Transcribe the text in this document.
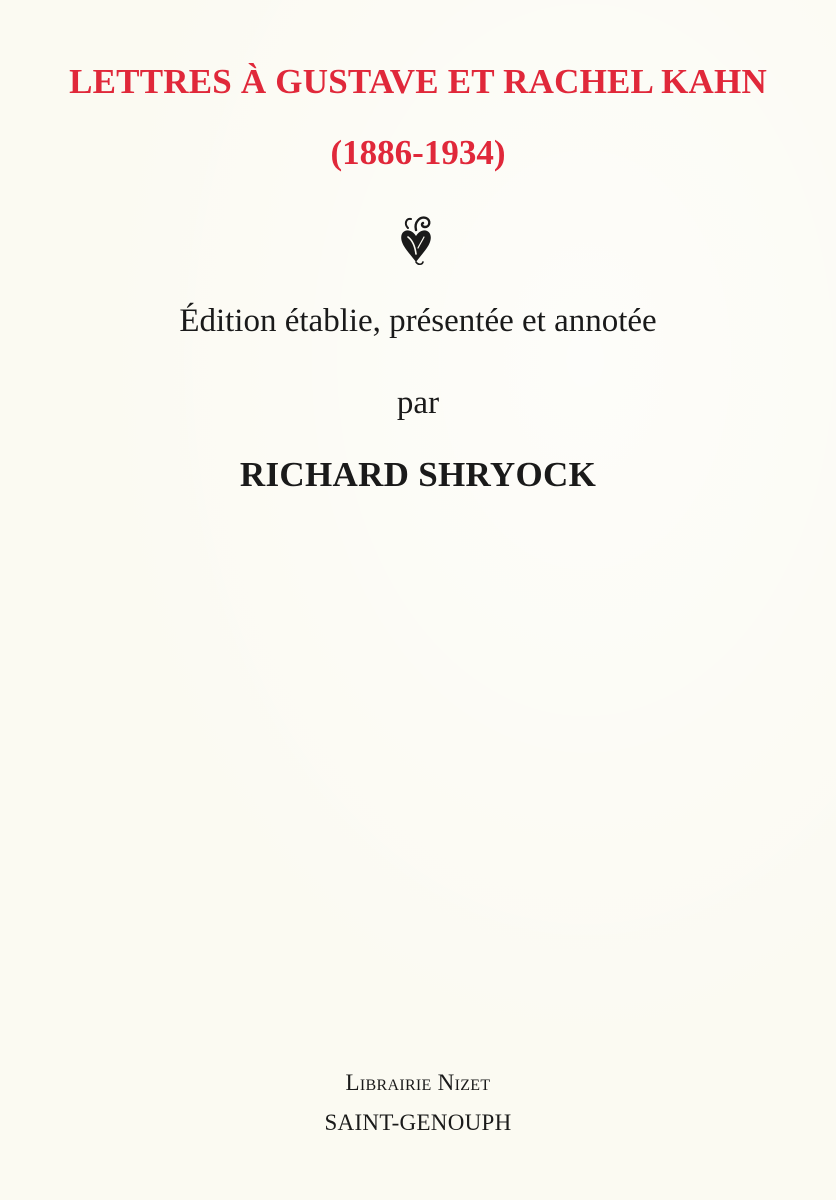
LETTRES À GUSTAVE ET RACHEL KAHN
(1886-1934)
Édition établie, présentée et annotée
par
RICHARD SHRYOCK
Librairie Nizet
SAINT-GENOUPH
